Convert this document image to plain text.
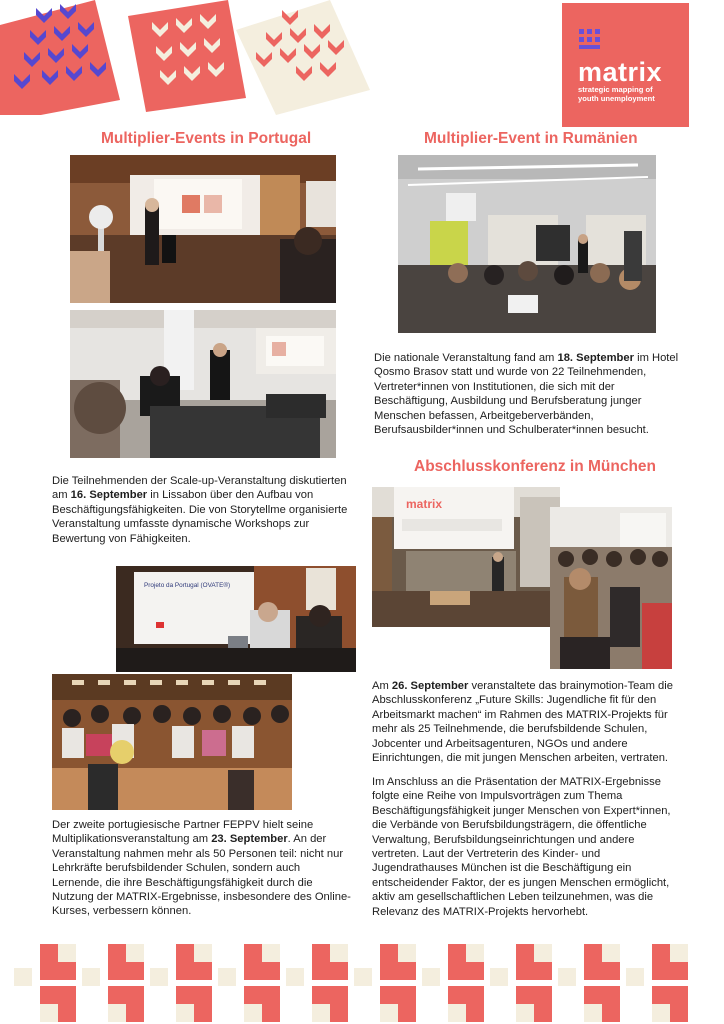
matrix
strategic mapping of
youth unemployment
Multiplier-Events in Portugal	Multiplier-Event in Rumänien
Abschlusskonferenz in München
Projeto da Portugal (OVATE®)
matrix

Die Teilnehmenden der Scale-up-Veranstaltung diskutierten am 16. September in Lissabon über den Aufbau von Beschäftigungsfähigkeiten. Die von Storytellme organisierte Veranstaltung umfasste dynamische Workshops zur Bewertung von Fähigkeiten.

Die nationale Veranstaltung fand am 18. September im Hotel Qosmo Brasov statt und wurde von 22 Teilnehmenden, Vertreter*innen von Institutionen, die sich mit der Beschäftigung, Ausbildung und Berufsberatung junger Menschen befassen, Arbeitgeberverbänden, Berufsausbilder*innen und Schulberater*innen besucht.

Der zweite portugiesische Partner FEPPV hielt seine Multiplikationsveranstaltung am 23. September. An der Veranstaltung nahmen mehr als 50 Personen teil: nicht nur Lehrkräfte berufsbildender Schulen, sondern auch Lernende, die ihre Beschäftigungsfähigkeit durch die Nutzung der MATRIX-Ergebnisse, insbesondere des Online-Kurses, verbessern können.

Am 26. September veranstaltete das brainymotion-Team die Abschlusskonferenz „Future Skills: Jugendliche fit für den Arbeitsmarkt machen“ im Rahmen des MATRIX-Projekts für mehr als 25 Teilnehmende, die berufsbildende Schulen, Jobcenter und Arbeitsagenturen, NGOs und andere Einrichtungen, die mit jungen Menschen arbeiten, vertraten.

Im Anschluss an die Präsentation der MATRIX-Ergebnisse folgte eine Reihe von Impulsvorträgen zum Thema Beschäftigungsfähigkeit junger Menschen von Expert*innen, die Verbände von Berufsbildungsträgern, die öffentliche Verwaltung, Berufsbildungseinrichtungen und andere vertreten. Laut der Vertreterin des Kinder- und Jugendrathauses München ist die Beschäftigung ein entscheidender Faktor, der es jungen Menschen ermöglicht, aktiv am gesellschaftlichen Leben teilzunehmen, was die Relevanz des MATRIX-Projekts hervorhebt.
